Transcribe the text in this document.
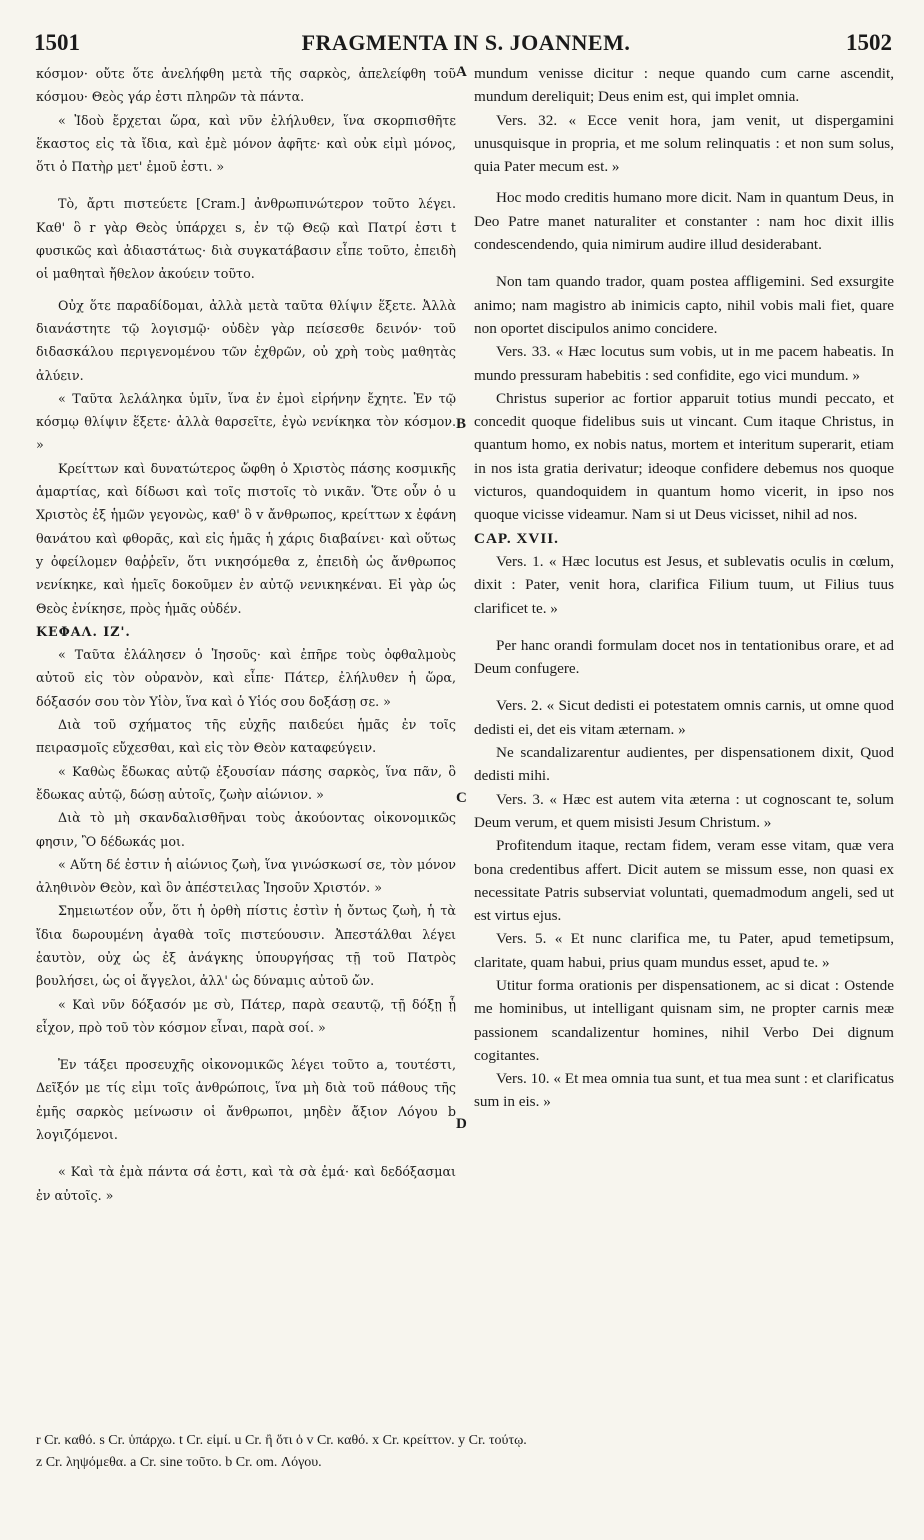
1501	FRAGMENTA IN S. JOANNEM.	1502

κόσμον· οὔτε ὅτε ἀνελήφθη μετὰ τῆς σαρκὸς, ἀπελείφθη τοῦ κόσμου· Θεὸς γάρ ἐστι πληρῶν τὰ πάντα.

« Ἰδοὺ ἔρχεται ὥρα, καὶ νῦν ἐλήλυθεν, ἵνα σκορπισθῆτε ἕκαστος εἰς τὰ ἴδια, καὶ ἐμὲ μόνον ἀφῆτε· καὶ οὐκ εἰμὶ μόνος, ὅτι ὁ Πατὴρ μετ' ἐμοῦ ἐστι. »

Τὸ, ἄρτι πιστεύετε [Cram.] ἀνθρωπινώτερον τοῦτο λέγει. Καθ' ὃ r γὰρ Θεὸς ὑπάρχει s, ἐν τῷ Θεῷ καὶ Πατρί ἐστι t φυσικῶς καὶ ἀδιαστάτως· διὰ συγκατάβασιν εἶπε τοῦτο, ἐπειδὴ οἱ μαθηταὶ ἤθελον ἀκούειν τοῦτο.

Οὐχ ὅτε παραδίδομαι, ἀλλὰ μετὰ ταῦτα θλίψιν ἕξετε. Ἀλλὰ διανάστητε τῷ λογισμῷ· οὐδὲν γὰρ πείσεσθε δεινόν· τοῦ διδασκάλου περιγενομένου τῶν ἐχθρῶν, οὐ χρὴ τοὺς μαθητὰς ἀλύειν.

« Ταῦτα λελάληκα ὑμῖν, ἵνα ἐν ἐμοὶ εἰρήνην ἔχητε. Ἐν τῷ κόσμῳ θλίψιν ἕξετε· ἀλλὰ θαρσεῖτε, ἐγὼ νενίκηκα τὸν κόσμον. »

Κρείττων καὶ δυνατώτερος ὤφθη ὁ Χριστὸς πάσης κοσμικῆς ἁμαρτίας, καὶ δίδωσι καὶ τοῖς πιστοῖς τὸ νικᾶν. Ὅτε οὖν ὁ u Χριστὸς ἐξ ἡμῶν γεγονὼς, καθ' ὃ v ἄνθρωπος, κρείττων x ἐφάνη θανάτου καὶ φθορᾶς, καὶ εἰς ἡμᾶς ἡ χάρις διαβαίνει· καὶ οὕτως y ὀφείλομεν θαῤῥεῖν, ὅτι νικησόμεθα z, ἐπειδὴ ὡς ἄνθρωπος νενίκηκε, καὶ ἡμεῖς δοκοῦμεν ἐν αὐτῷ νενικηκέναι. Εἰ γὰρ ὡς Θεὸς ἐνίκησε, πρὸς ἡμᾶς οὐδέν.

ΚΕΦΑΛ. ΙΖ'.

« Ταῦτα ἐλάλησεν ὁ Ἰησοῦς· καὶ ἐπῆρε τοὺς ὀφθαλμοὺς αὐτοῦ εἰς τὸν οὐρανὸν, καὶ εἶπε· Πάτερ, ἐλήλυθεν ἡ ὥρα, δόξασόν σου τὸν Υἱὸν, ἵνα καὶ ὁ Υἱός σου δοξάσῃ σε. »

Διὰ τοῦ σχήματος τῆς εὐχῆς παιδεύει ἡμᾶς ἐν τοῖς πειρασμοῖς εὔχεσθαι, καὶ εἰς τὸν Θεὸν καταφεύγειν.

« Καθὼς ἔδωκας αὐτῷ ἐξουσίαν πάσης σαρκὸς, ἵνα πᾶν, ὃ ἔδωκας αὐτῷ, δώσῃ αὐτοῖς, ζωὴν αἰώνιον. »

Διὰ τὸ μὴ σκανδαλισθῆναι τοὺς ἀκούοντας οἰκονομικῶς φησιν, Ὃ δέδωκάς μοι.

« Αὕτη δέ ἐστιν ἡ αἰώνιος ζωὴ, ἵνα γινώσκωσί σε, τὸν μόνον ἀληθινὸν Θεὸν, καὶ ὃν ἀπέστειλας Ἰησοῦν Χριστόν. »

Σημειωτέον οὖν, ὅτι ἡ ὀρθὴ πίστις ἐστὶν ἡ ὄντως ζωὴ, ἡ τὰ ἴδια δωρουμένη ἀγαθὰ τοῖς πιστεύουσιν. Ἀπεστάλθαι λέγει ἑαυτὸν, οὐχ ὡς ἐξ ἀνάγκης ὑπουργήσας τῇ τοῦ Πατρὸς βουλήσει, ὡς οἱ ἄγγελοι, ἀλλ' ὡς δύναμις αὐτοῦ ὤν.

« Καὶ νῦν δόξασόν με σὺ, Πάτερ, παρὰ σεαυτῷ, τῇ δόξῃ ᾗ εἶχον, πρὸ τοῦ τὸν κόσμον εἶναι, παρὰ σοί. »

Ἐν τάξει προσευχῆς οἰκονομικῶς λέγει τοῦτο a, τουτέστι, Δεῖξόν με τίς εἰμι τοῖς ἀνθρώποις, ἵνα μὴ διὰ τοῦ πάθους τῆς ἐμῆς σαρκὸς μείνωσιν οἱ ἄνθρωποι, μηδὲν ἄξιον Λόγου b λογιζόμενοι.

« Καὶ τὰ ἐμὰ πάντα σά ἐστι, καὶ τὰ σὰ ἐμά· καὶ δεδόξασμαι ἐν αὐτοῖς. »

A
B
C
D

mundum venisse dicitur : neque quando cum carne ascendit, mundum dereliquit; Deus enim est, qui implet omnia.

Vers. 32. « Ecce venit hora, jam venit, ut dispergamini unusquisque in propria, et me solum relinquatis : et non sum solus, quia Pater mecum est. »

Hoc modo creditis humano more dicit. Nam in quantum Deus, in Deo Patre manet naturaliter et constanter : nam hoc dixit illis condescendendo, quia nimirum audire illud desiderabant.

Non tam quando trador, quam postea affligemini. Sed exsurgite animo; nam magistro ab inimicis capto, nihil vobis mali fiet, quare non oportet discipulos animo concidere.

Vers. 33. « Hæc locutus sum vobis, ut in me pacem habeatis. In mundo pressuram habebitis : sed confidite, ego vici mundum. »

Christus superior ac fortior apparuit totius mundi peccato, et concedit quoque fidelibus suis ut vincant. Cum itaque Christus, in quantum homo, ex nobis natus, mortem et interitum superarit, etiam in nos ista gratia derivatur; ideoque confidere debemus nos quoque victuros, quandoquidem in quantum homo vicerit, in ipso nos quoque vicisse videamur. Nam si ut Deus vicisset, nihil ad nos.

CAP. XVII.

Vers. 1. « Hæc locutus est Jesus, et sublevatis oculis in cœlum, dixit : Pater, venit hora, clarifica Filium tuum, ut Filius tuus clarificet te. »

Per hanc orandi formulam docet nos in tentationibus orare, et ad Deum confugere.

Vers. 2. « Sicut dedisti ei potestatem omnis carnis, ut omne quod dedisti ei, det eis vitam æternam. »

Ne scandalizarentur audientes, per dispensationem dixit, Quod dedisti mihi.

Vers. 3. « Hæc est autem vita æterna : ut cognoscant te, solum Deum verum, et quem misisti Jesum Christum. »

Profitendum itaque, rectam fidem, veram esse vitam, quæ vera bona credentibus affert. Dicit autem se missum esse, non quasi ex necessitate Patris subserviat voluntati, quemadmodum angeli, sed ut est virtus ejus.

Vers. 5. « Et nunc clarifica me, tu Pater, apud temetipsum, claritate, quam habui, prius quam mundus esset, apud te. »

Utitur forma orationis per dispensationem, ac si dicat : Ostende me hominibus, ut intelligant quisnam sim, ne propter carnis meæ passionem scandalizentur homines, nihil Verbo Dei dignum cogitantes.

Vers. 10. « Et mea omnia tua sunt, et tua mea sunt : et clarificatus sum in eis. »

r Cr. καθό. s Cr. ὑπάρχω. t Cr. εἰμί. u Cr. ἢ ὅτι ὁ v Cr. καθό. x Cr. κρείττον. y Cr. τούτῳ.

z Cr. ληψόμεθα. a Cr. sine τοῦτο. b Cr. om. Λόγου.
